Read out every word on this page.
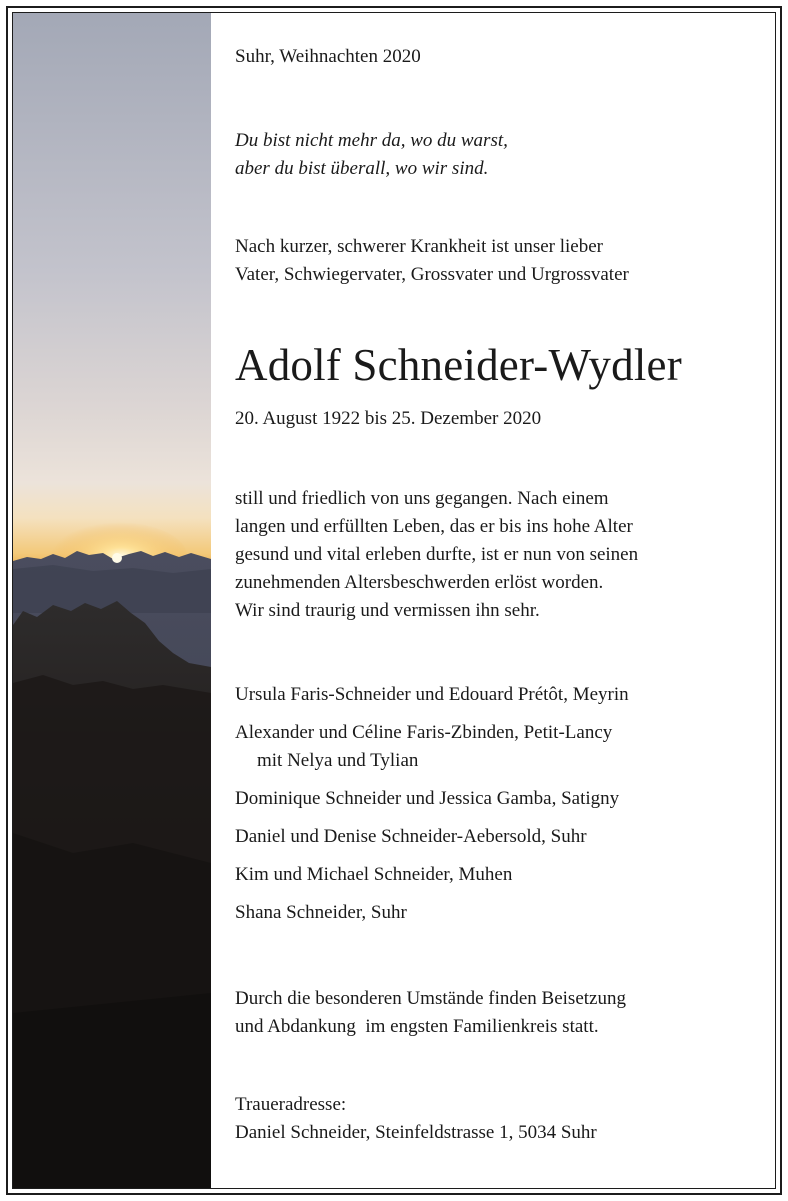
Suhr, Weihnachten 2020

Du bist nicht mehr da, wo du warst,

aber du bist überall, wo wir sind.

Nach kurzer, schwerer Krankheit ist unser lieber

Vater, Schwiegervater, Grossvater und Urgrossvater

Adolf Schneider-Wydler

20. August 1922 bis 25. Dezember 2020

still und friedlich von uns gegangen. Nach einem

langen und erfüllten Leben, das er bis ins hohe Alter

gesund und vital erleben durfte, ist er nun von seinen

zunehmenden Altersbeschwerden erlöst worden.

Wir sind traurig und vermissen ihn sehr.

Ursula Faris-Schneider und Edouard Prétôt, Meyrin
Alexander und Céline Faris-Zbinden, Petit-Lancy
mit Nelya und Tylian
Dominique Schneider und Jessica Gamba, Satigny
Daniel und Denise Schneider-Aebersold, Suhr
Kim und Michael Schneider, Muhen
Shana Schneider, Suhr

Durch die besonderen Umstände finden Beisetzung

und Abdankung  im engsten Familienkreis statt.

Traueradresse:

Daniel Schneider, Steinfeldstrasse 1, 5034 Suhr
